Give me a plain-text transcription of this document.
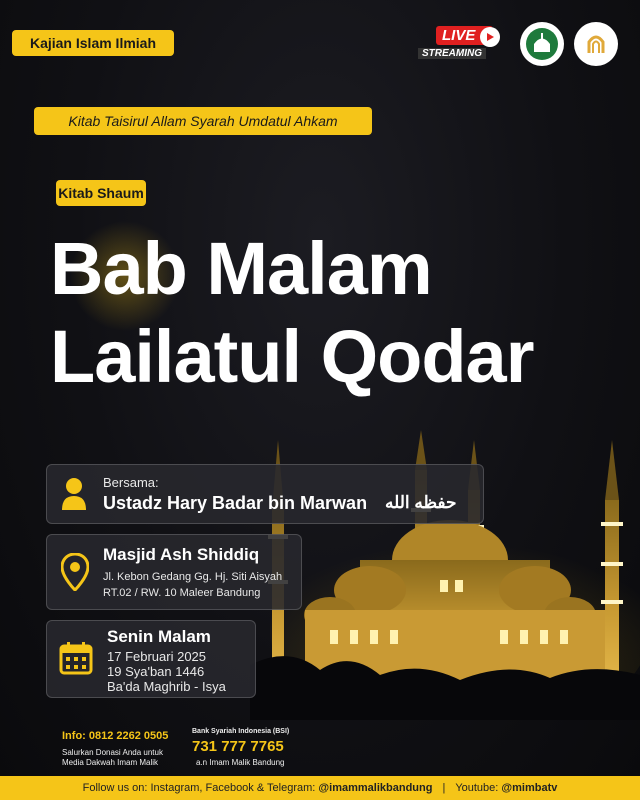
Kajian Islam Ilmiah	LIVE
STREAMING
Kitab Taisirul Allam Syarah Umdatul Ahkam
Kitab Shaum
Bab Malam
Lailatul Qodar
Bersama:
Ustadz Hary Badar bin Marwan حفظه الله
Masjid Ash Shiddiq
Jl. Kebon Gedang Gg. Hj. Siti Aisyah
RT.02 / RW. 10 Maleer Bandung
Senin Malam
17 Februari 2025
19 Sya'ban 1446
Ba'da Maghrib - Isya
Info: 0812 2262 0505
Salurkan Donasi Anda untuk
Media Dakwah Imam Malik
Bank Syariah Indonesia (BSI)
731 777 7765
a.n Imam Malik Bandung
Follow us on: Instagram, Facebook & Telegram:
@imammalikbandung | Youtube:
@mimbatv
